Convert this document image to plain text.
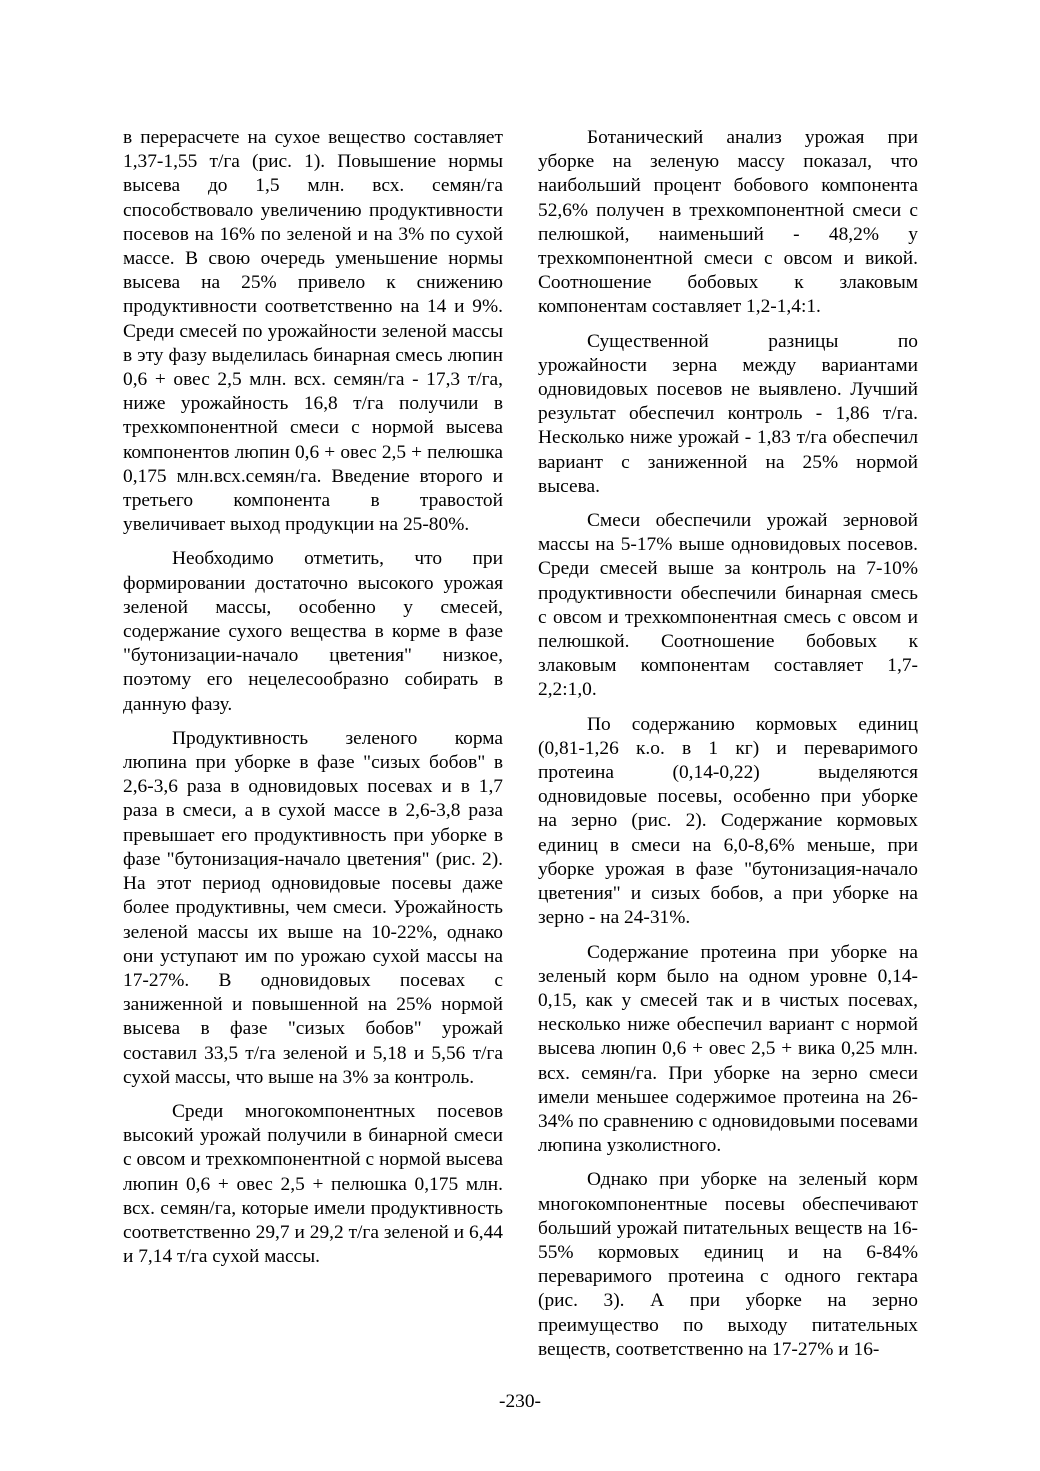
в перерасчете на сухое вещество составляет 1,37-1,55 т/га (рис. 1). Повышение нормы высева до 1,5 млн. всх. семян/га способствовало увеличению продуктивности посевов на 16% по зеленой и на 3% по сухой массе. В свою очередь уменьшение нормы высева на 25% привело к снижению продуктивности соответственно на 14 и 9%. Среди смесей по урожайности зеленой массы в эту фазу выделилась бинарная смесь люпин 0,6 + овес 2,5 млн. всх. семян/га - 17,3 т/га, ниже урожайность 16,8 т/га получили в трехкомпонентной смеси с нормой высева компонентов люпин 0,6 + овес 2,5 + пелюшка 0,175 млн.всх.семян/га. Введение второго и третьего компонента в травостой увеличивает выход продукции на 25-80%.

Необходимо отметить, что при формировании достаточно высокого урожая зеленой массы, особенно у смесей, содержание сухого вещества в корме в фазе "бутонизации-начало цветения" низкое, поэтому его нецелесообразно собирать в данную фазу.

Продуктивность зеленого корма люпина при уборке в фазе "сизых бобов" в 2,6-3,6 раза в одновидовых посевах и в 1,7 раза в смеси, а в сухой массе в 2,6-3,8 раза превышает его продуктивность при уборке в фазе "бутонизация-начало цветения" (рис. 2). На этот период одновидовые посевы даже более продуктивны, чем смеси. Урожайность зеленой массы их выше на 10-22%, однако они уступают им по урожаю сухой массы на 17-27%. В одновидовых посевах с заниженной и повышенной на 25% нормой высева в фазе "сизых бобов" урожай составил 33,5 т/га зеленой и 5,18 и 5,56 т/га сухой массы, что выше на 3% за контроль.

Среди многокомпонентных посевов высокий урожай получили в бинарной смеси с овсом и трехкомпонентной с нормой высева люпин 0,6 + овес 2,5 + пелюшка 0,175 млн. всх. семян/га, которые имели продуктивность соответственно 29,7 и 29,2 т/га зеленой и 6,44 и 7,14 т/га сухой массы.

Ботанический анализ урожая при уборке на зеленую массу показал, что наибольший процент бобового компонента 52,6% получен в трехкомпонентной смеси с пелюшкой, наименьший - 48,2% у трехкомпонентной смеси с овсом и викой. Соотношение бобовых к злаковым компонентам составляет 1,2-1,4:1.

Существенной разницы по урожайности зерна между вариантами одновидовых посевов не выявлено. Лучший результат обеспечил контроль - 1,86 т/га. Несколько ниже урожай - 1,83 т/га обеспечил вариант с заниженной на 25% нормой высева.

Смеси обеспечили урожай зерновой массы на 5-17% выше одновидовых посевов. Среди смесей выше за контроль на 7-10% продуктивности обеспечили бинарная смесь с овсом и трехкомпонентная смесь с овсом и пелюшкой. Соотношение бобовых к злаковым компонентам составляет 1,7-2,2:1,0.

По содержанию кормовых единиц (0,81-1,26 к.о. в 1 кг) и переваримого протеина (0,14-0,22) выделяются одновидовые посевы, особенно при уборке на зерно (рис. 2). Содержание кормовых единиц в смеси на 6,0-8,6% меньше, при уборке урожая в фазе "бутонизация-начало цветения" и сизых бобов, а при уборке на зерно - на 24-31%.

Содержание протеина при уборке на зеленый корм было на одном уровне 0,14-0,15, как у смесей так и в чистых посевах, несколько ниже обеспечил вариант с нормой высева люпин 0,6 + овес 2,5 + вика 0,25 млн. всх. семян/га. При уборке на зерно смеси имели меньшее содержимое протеина на 26-34% по сравнению с одновидовыми посевами люпина узколистного.

Однако при уборке на зеленый корм многокомпонентные посевы обеспечивают больший урожай питательных веществ на 16-55% кормовых единиц и на 6-84% переваримого протеина с одного гектара (рис. 3). А при уборке на зерно преимущество по выходу питательных веществ, соответственно на 17-27% и 16-

-230-
